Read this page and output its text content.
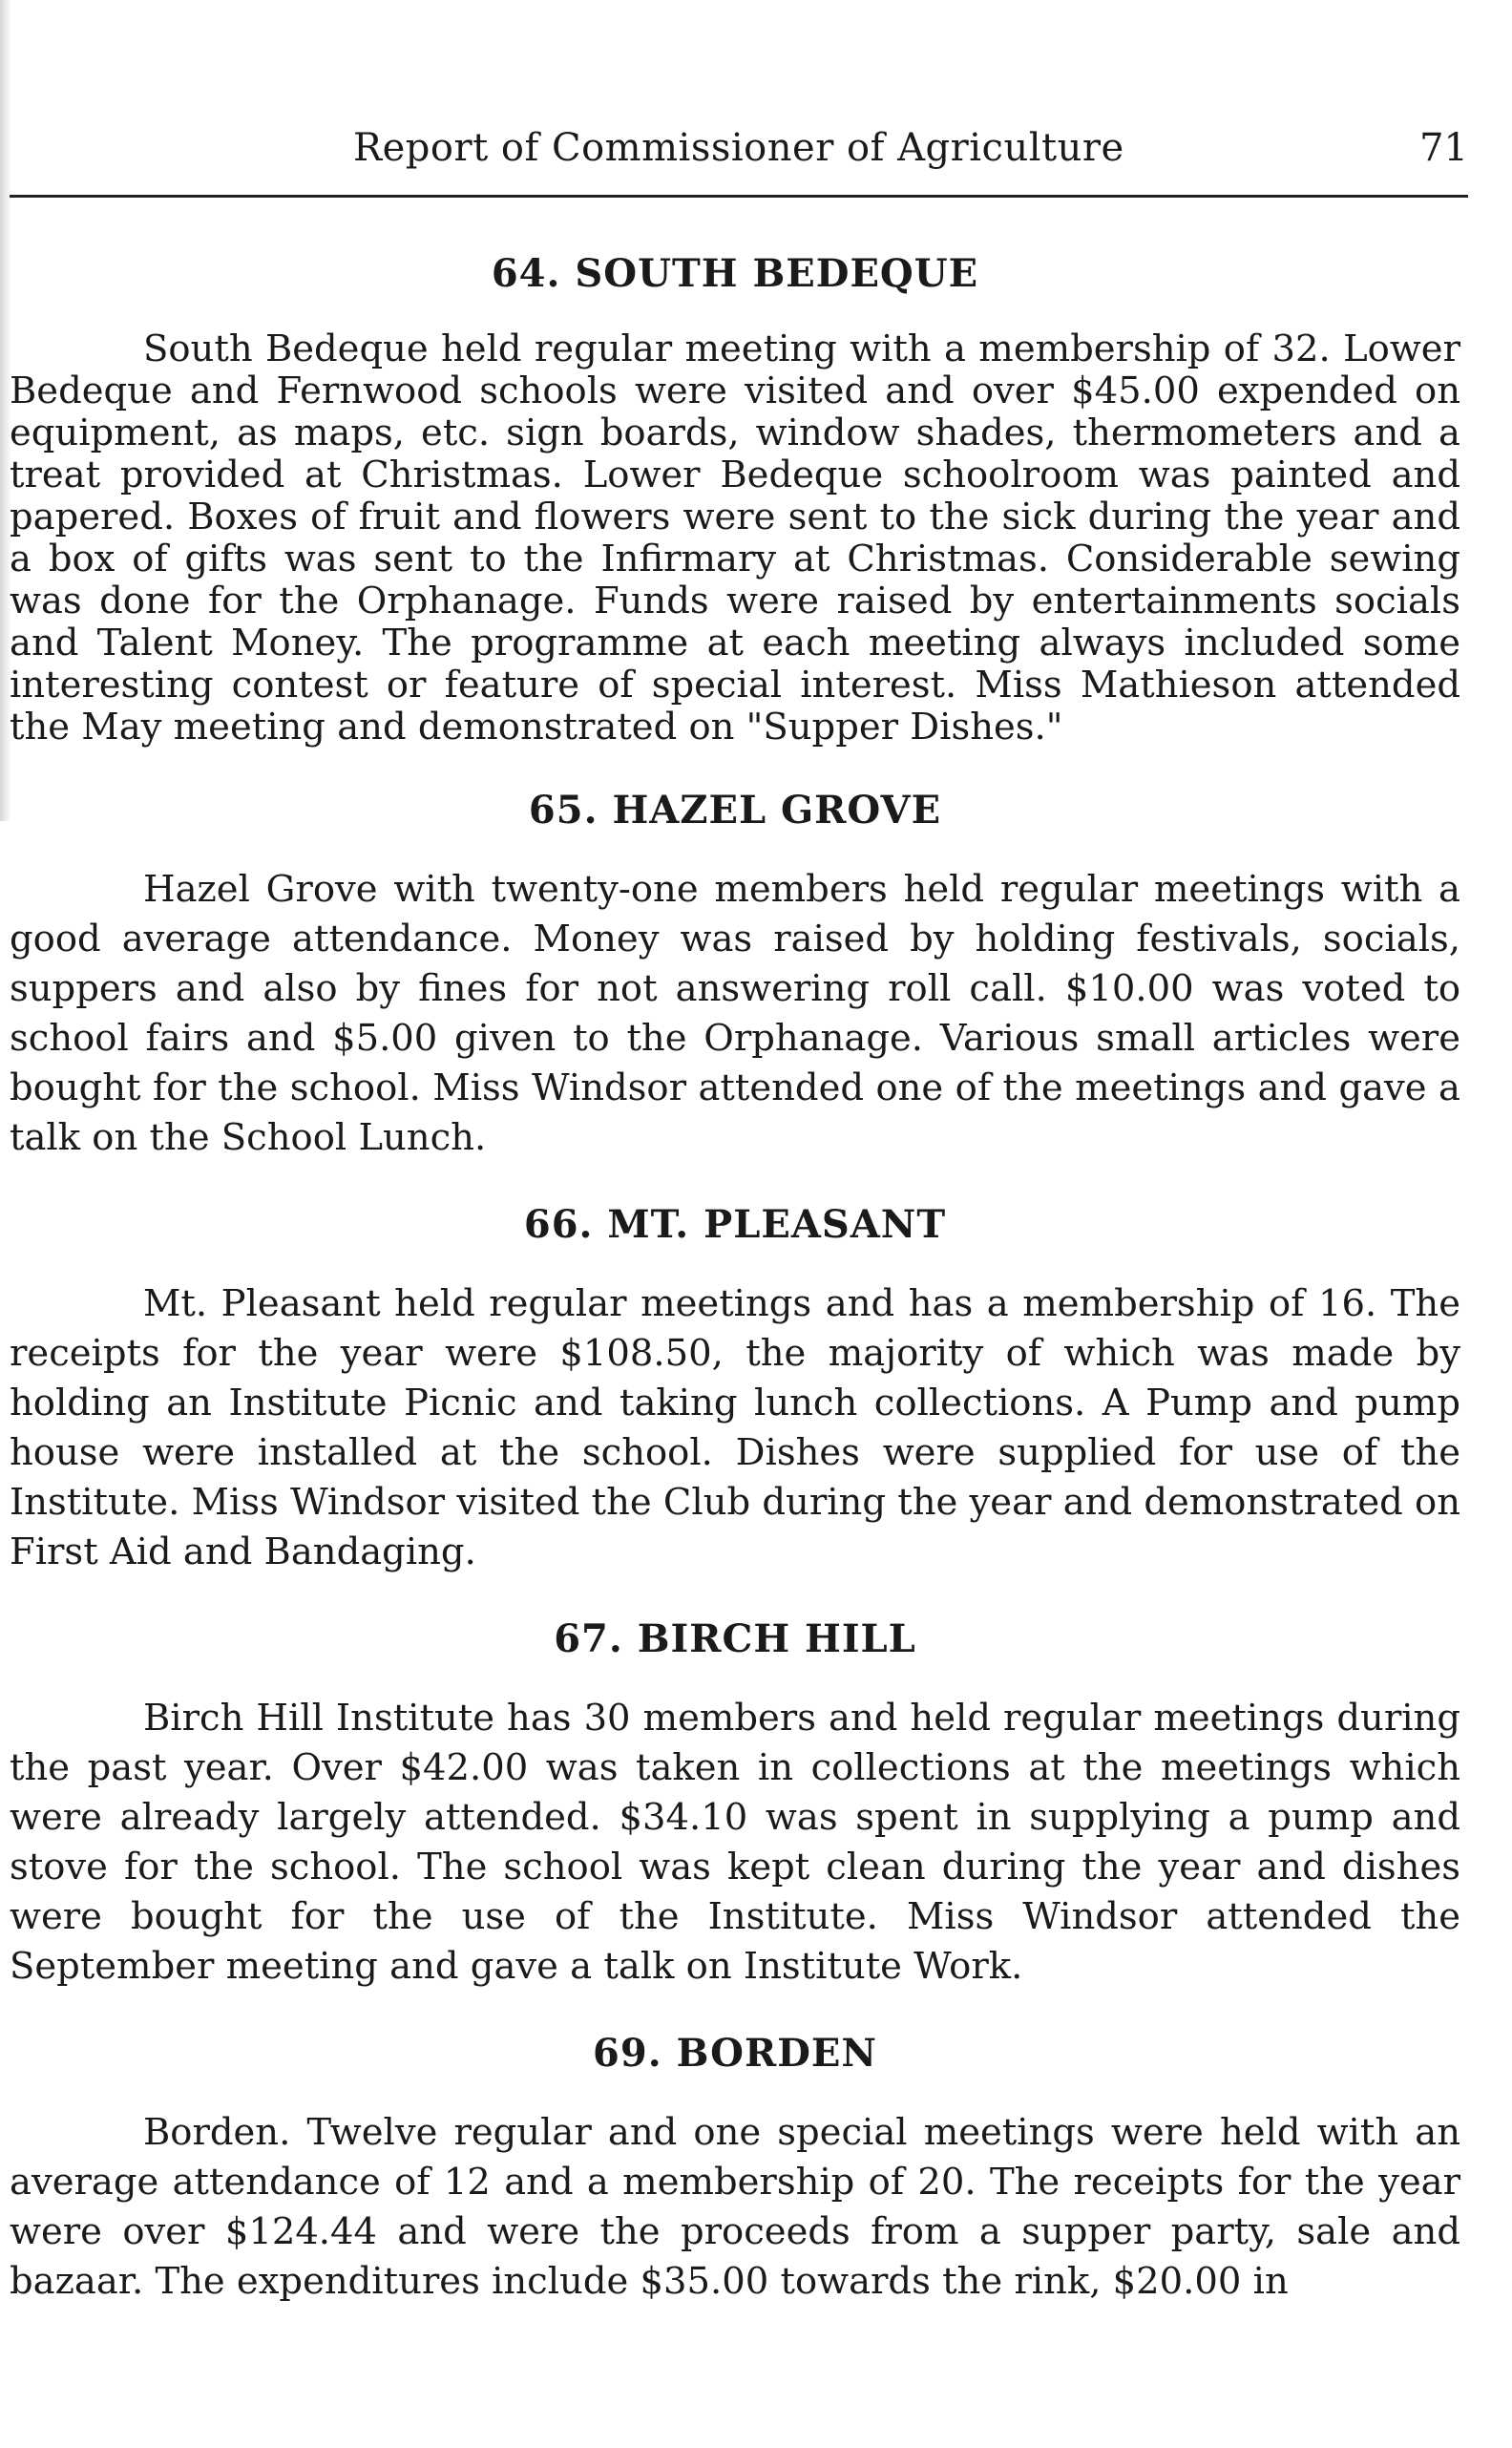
Report of Commissioner of Agriculture	71
64. SOUTH BEDEQUE

South Bedeque held regular meeting with a membership of 32. Lower Bedeque and Fernwood schools were visited and over $45.00 expended on equipment, as maps, etc. sign boards, window shades, thermometers and a treat provided at Christmas. Lower Bedeque schoolroom was painted and papered. Boxes of fruit and flowers were sent to the sick during the year and a box of gifts was sent to the Infirmary at Christmas. Considerable sewing was done for the Orphanage. Funds were raised by entertainments socials and Talent Money. The programme at each meeting always included some interesting contest or feature of special interest. Miss Mathieson attended the May meeting and demonstrated on "Supper Dishes."

65. HAZEL GROVE

Hazel Grove with twenty-one members held regular meetings with a good average attendance. Money was raised by holding festivals, socials, suppers and also by fines for not answering roll call. $10.00 was voted to school fairs and $5.00 given to the Orphanage. Various small articles were bought for the school. Miss Windsor attended one of the meetings and gave a talk on the School Lunch.

66. MT. PLEASANT

Mt. Pleasant held regular meetings and has a membership of 16. The receipts for the year were $108.50, the majority of which was made by holding an Institute Picnic and taking lunch collections. A Pump and pump house were installed at the school. Dishes were supplied for use of the Institute. Miss Windsor visited the Club during the year and demonstrated on First Aid and Bandaging.

67. BIRCH HILL

Birch Hill Institute has 30 members and held regular meetings during the past year. Over $42.00 was taken in collections at the meetings which were already largely attended. $34.10 was spent in supplying a pump and stove for the school. The school was kept clean during the year and dishes were bought for the use of the Institute. Miss Windsor attended the September meeting and gave a talk on Institute Work.

69. BORDEN

Borden. Twelve regular and one special meetings were held with an average attendance of 12 and a membership of 20. The receipts for the year were over $124.44 and were the proceeds from a supper party, sale and bazaar. The expenditures include $35.00 towards the rink, $20.00 in
